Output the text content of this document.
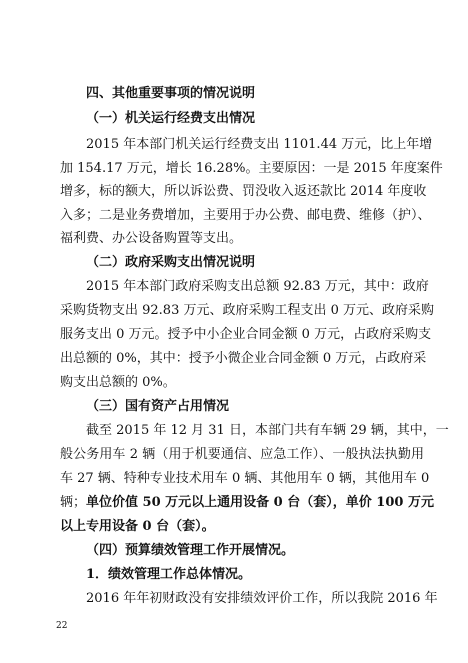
四、其他重要事项的情况说明
（一）机关运行经费支出情况
2015 年本部门机关运行经费支出 1101.44 万元，比上年增
加 154.17 万元，增长 16.28%。主要原因：一是 2015 年度案件
增多，标的额大，所以诉讼费、罚没收入返还款比 2014 年度收
入多；二是业务费增加，主要用于办公费、邮电费、维修（护）、
福利费、办公设备购置等支出。
（二）政府采购支出情况说明
2015 年本部门政府采购支出总额 92.83 万元，其中：政府
采购货物支出 92.83 万元、政府采购工程支出 0 万元、政府采购
服务支出 0 万元。授予中小企业合同金额 0 万元，占政府采购支
出总额的 0%，其中：授予小微企业合同金额 0 万元，占政府采
购支出总额的 0%。
（三）国有资产占用情况
截至 2015 年 12 月 31 日，本部门共有车辆 29 辆，其中，一
般公务用车 2 辆（用于机要通信、应急工作）、一般执法执勤用
车 27 辆、特种专业技术用车 0 辆、其他用车 0 辆，其他用车 0
辆；单位价值 50 万元以上通用设备 0 台（套），单价 100 万元
以上专用设备 0 台（套）。
（四）预算绩效管理工作开展情况。
1．绩效管理工作总体情况。
2016 年年初财政没有安排绩效评价工作，所以我院 2016 年
22
